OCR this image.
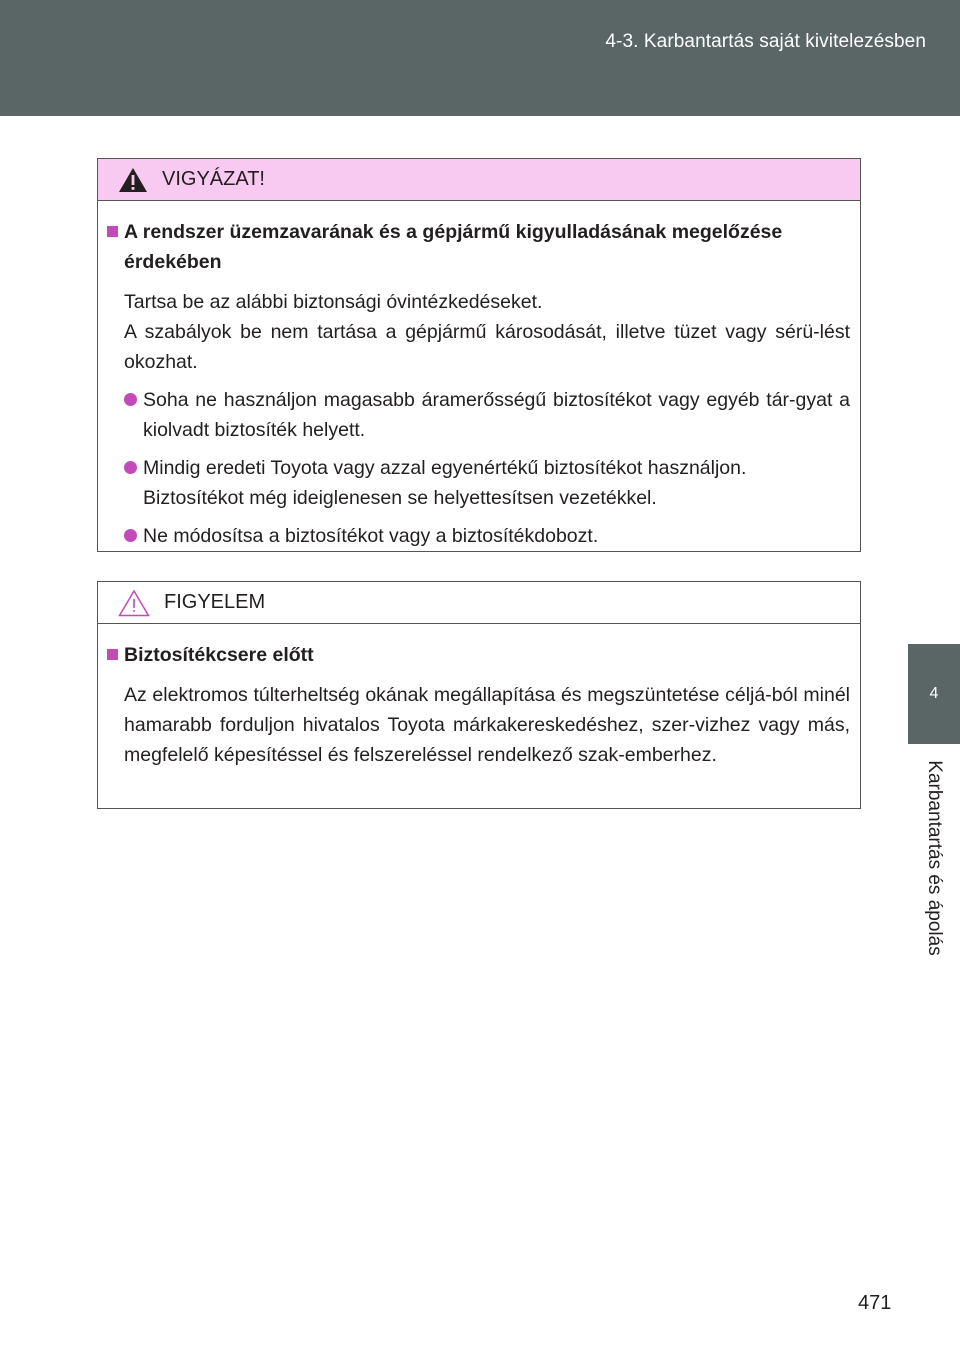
4-3. Karbantartás saját kivitelezésben
4
Karbantartás és ápolás
VIGYÁZAT!
A rendszer üzemzavarának és a gépjármű kigyulladásának megelőzése érdekében
Tartsa be az alábbi biztonsági óvintézkedéseket.
A szabályok be nem tartása a gépjármű károsodását, illetve tüzet vagy sérü-lést okozhat.
Soha ne használjon magasabb áramerősségű biztosítékot vagy egyéb tár-gyat a kiolvadt biztosíték helyett.
Mindig eredeti Toyota vagy azzal egyenértékű biztosítékot használjon. Biztosítékot még ideiglenesen se helyettesítsen vezetékkel.
Ne módosítsa a biztosítékot vagy a biztosítékdobozt.
FIGYELEM
Biztosítékcsere előtt
Az elektromos túlterheltség okának megállapítása és megszüntetése céljá-ból minél hamarabb forduljon hivatalos Toyota márkakereskedéshez, szer-vizhez vagy más, megfelelő képesítéssel és felszereléssel rendelkező szak-emberhez.
471
